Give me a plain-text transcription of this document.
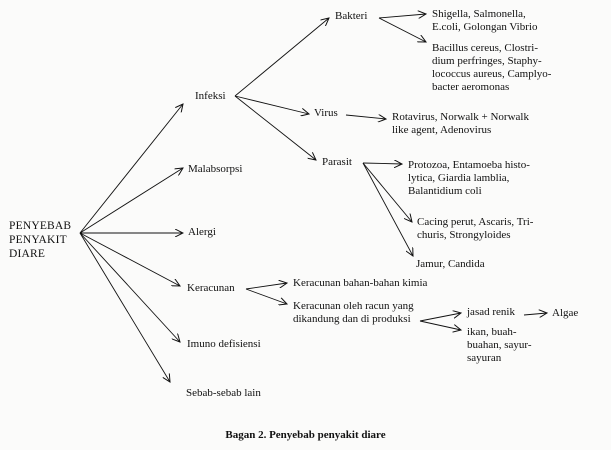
PENYEBAB
PENYAKIT
DIARE
Infeksi
Malabsorpsi
Alergi
Keracunan
Imuno defisiensi
Sebab-sebab lain
Bakteri
Virus
Parasit
Shigella, Salmonella,
E.coli, Golongan Vibrio
Bacillus cereus, Clostri-
dium perfringes, Staphy-
lococcus aureus, Camplyo-
bacter aeromonas
Rotavirus, Norwalk + Norwalk
like agent, Adenovirus
Protozoa, Entamoeba histo-
lytica, Giardia lamblia,
Balantidium coli
Cacing perut, Ascaris, Tri-
churis, Strongyloides
Jamur, Candida
Keracunan bahan-bahan kimia
Keracunan oleh racun yang
dikandung dan di produksi
jasad renik	Algae
ikan, buah-
buahan, sayur-
sayuran
Bagan 2. Penyebab penyakit diare
